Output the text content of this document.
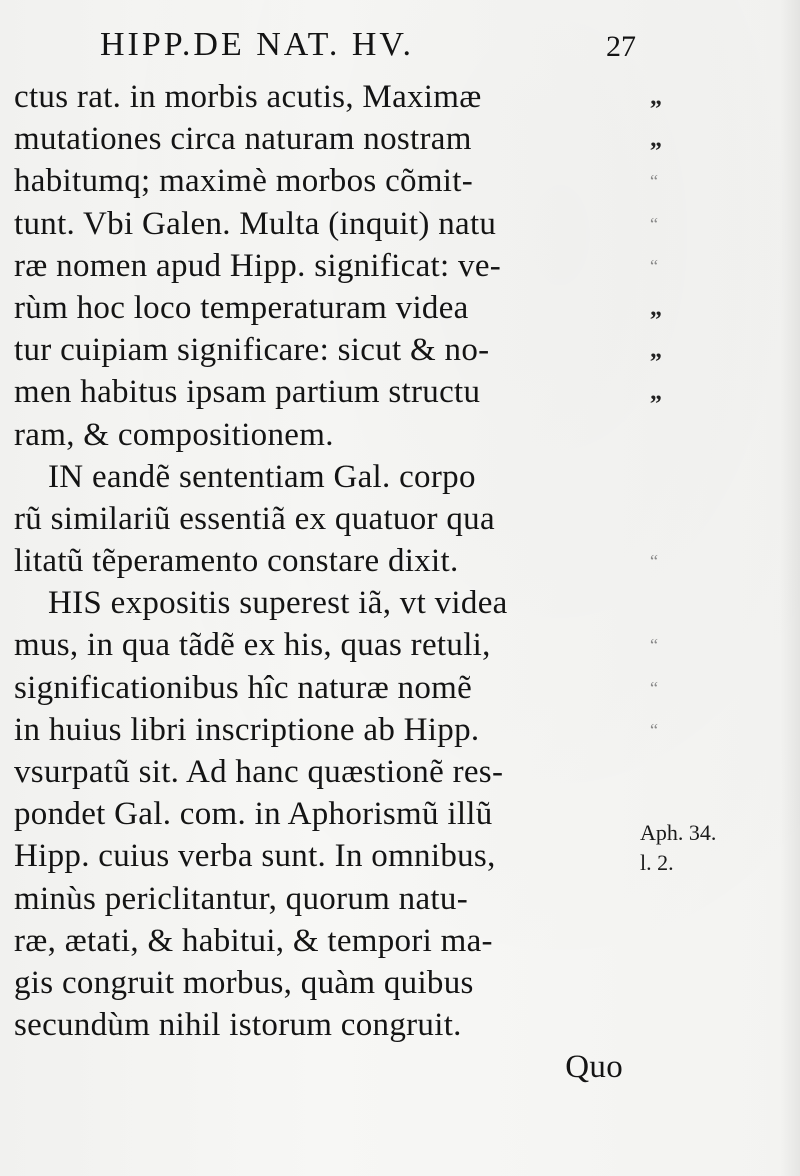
HIPP.DE NAT. HV.	27
ctus rat. in morbis acutis, Maximæ
mutationes circa naturam nostram
habitumq; maximè morbos cõmit-
tunt. Vbi Galen. Multa (inquit) natu
ræ nomen apud Hipp. significat: ve-
rùm hoc loco temperaturam videa
tur cuipiam significare: sicut & no-
men habitus ipsam partium structu
ram, & compositionem.
IN eandẽ sententiam Gal. corpo
rũ similariũ essentiã ex quatuor qua
litatũ tẽperamento constare dixit.
HIS expositis superest iã, vt videa
mus, in qua tãdẽ ex his, quas retuli,
significationibus hîc naturæ nomẽ
in huius libri inscriptione ab Hipp.
vsurpatũ sit. Ad hanc quæstionẽ res-
pondet Gal. com. in Aphorismũ illũ
Hipp. cuius verba sunt. In omnibus,
minùs periclitantur, quorum natu-
ræ, ætati, & habitui, & tempori ma-
gis congruit morbus, quàm quibus
secundùm nihil istorum congruit.
Quo
„
„
“
“
“
„
„
„
“
“
“
“
Aph. 34.
l. 2.
